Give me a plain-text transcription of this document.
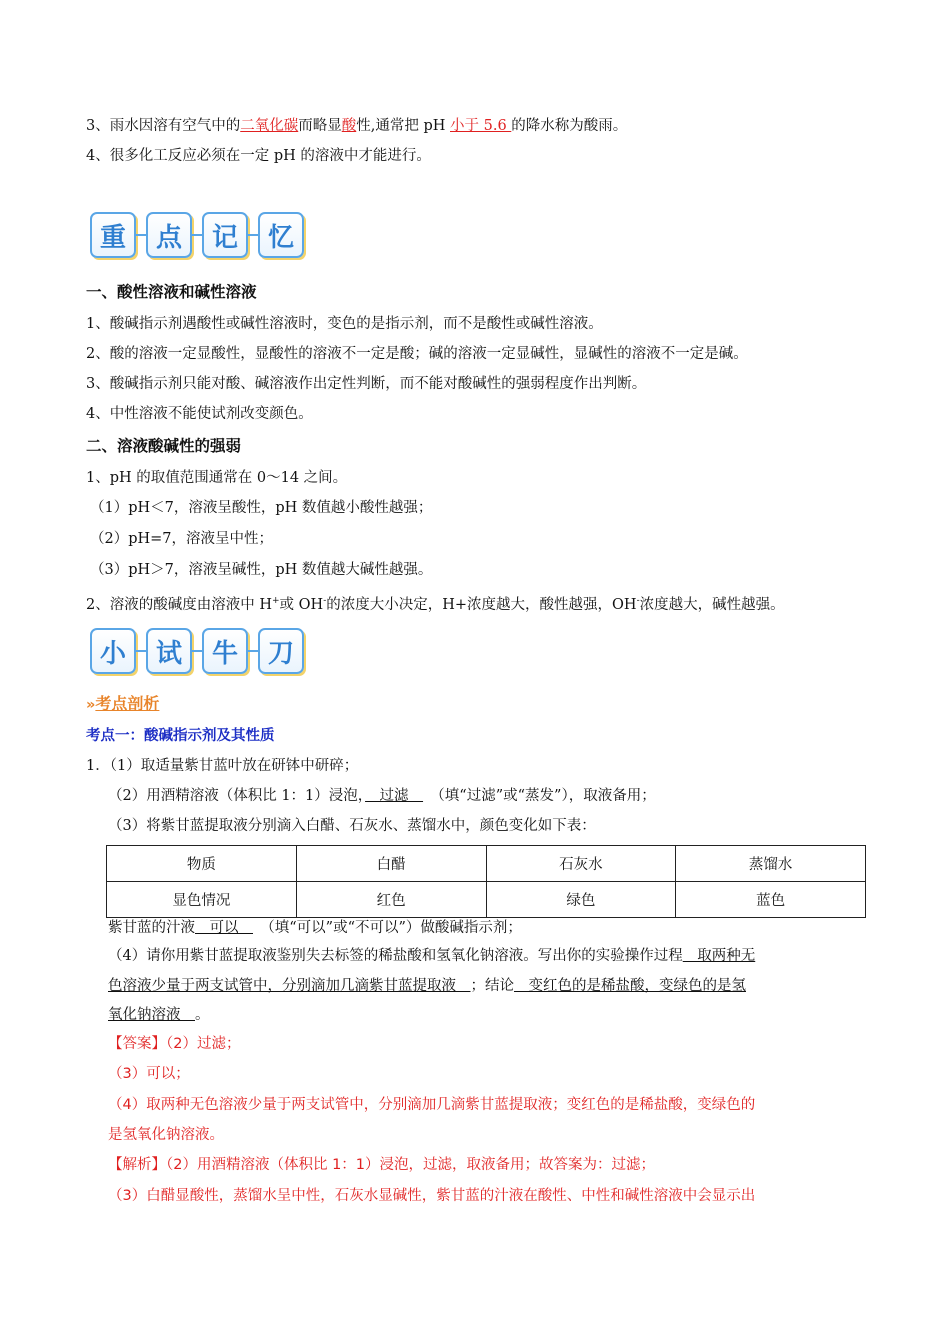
3、雨水因溶有空气中的二氧化碳而略显酸性,通常把 pH 小于 5.6 的降水称为酸雨。
4、很多化工反应必须在一定 pH 的溶液中才能进行。
重	点	记	忆
一、酸性溶液和碱性溶液
1、酸碱指示剂遇酸性或碱性溶液时，变色的是指示剂，而不是酸性或碱性溶液。
2、酸的溶液一定显酸性，显酸性的溶液不一定是酸；碱的溶液一定显碱性，显碱性的溶液不一定是碱。
3、酸碱指示剂只能对酸、碱溶液作出定性判断，而不能对酸碱性的强弱程度作出判断。
4、中性溶液不能使试剂改变颜色。
二、溶液酸碱性的强弱
1、pH 的取值范围通常在 0～14 之间。
（1）pH＜7，溶液呈酸性，pH 数值越小酸性越强；
（2）pH=7，溶液呈中性；
（3）pH＞7，溶液呈碱性，pH 数值越大碱性越强。
2、溶液的酸碱度由溶液中 H+或 OH-的浓度大小决定，H+浓度越大，酸性越强，OH-浓度越大，碱性越强。
小	试	牛	刀
»考点剖析
考点一：酸碱指示剂及其性质
1．（1）取适量紫甘蓝叶放在研钵中研碎；
（2）用酒精溶液（体积比 1：1）浸泡，　过滤　　（填“过滤”或“蒸发”），取液备用；
（3）将紫甘蓝提取液分别滴入白醋、石灰水、蒸馏水中，颜色变化如下表：
物质	白醋	石灰水	蒸馏水
显色情况	红色	绿色	蓝色
紫甘蓝的汁液　可以　　（填“可以”或“不可以”）做酸碱指示剂；
（4）请你用紫甘蓝提取液鉴别失去标签的稀盐酸和氢氧化钠溶液。写出你的实验操作过程　取两种无
色溶液少量于两支试管中，分别滴加几滴紫甘蓝提取液　；结论　变红色的是稀盐酸，变绿色的是氢
氧化钠溶液　。
【答案】（2）过滤；
（3）可以；
（4）取两种无色溶液少量于两支试管中，分别滴加几滴紫甘蓝提取液；变红色的是稀盐酸，变绿色的
是氢氧化钠溶液。
【解析】（2）用酒精溶液（体积比 1：1）浸泡，过滤，取液备用；故答案为：过滤；
（3）白醋显酸性，蒸馏水呈中性，石灰水显碱性，紫甘蓝的汁液在酸性、中性和碱性溶液中会显示出
